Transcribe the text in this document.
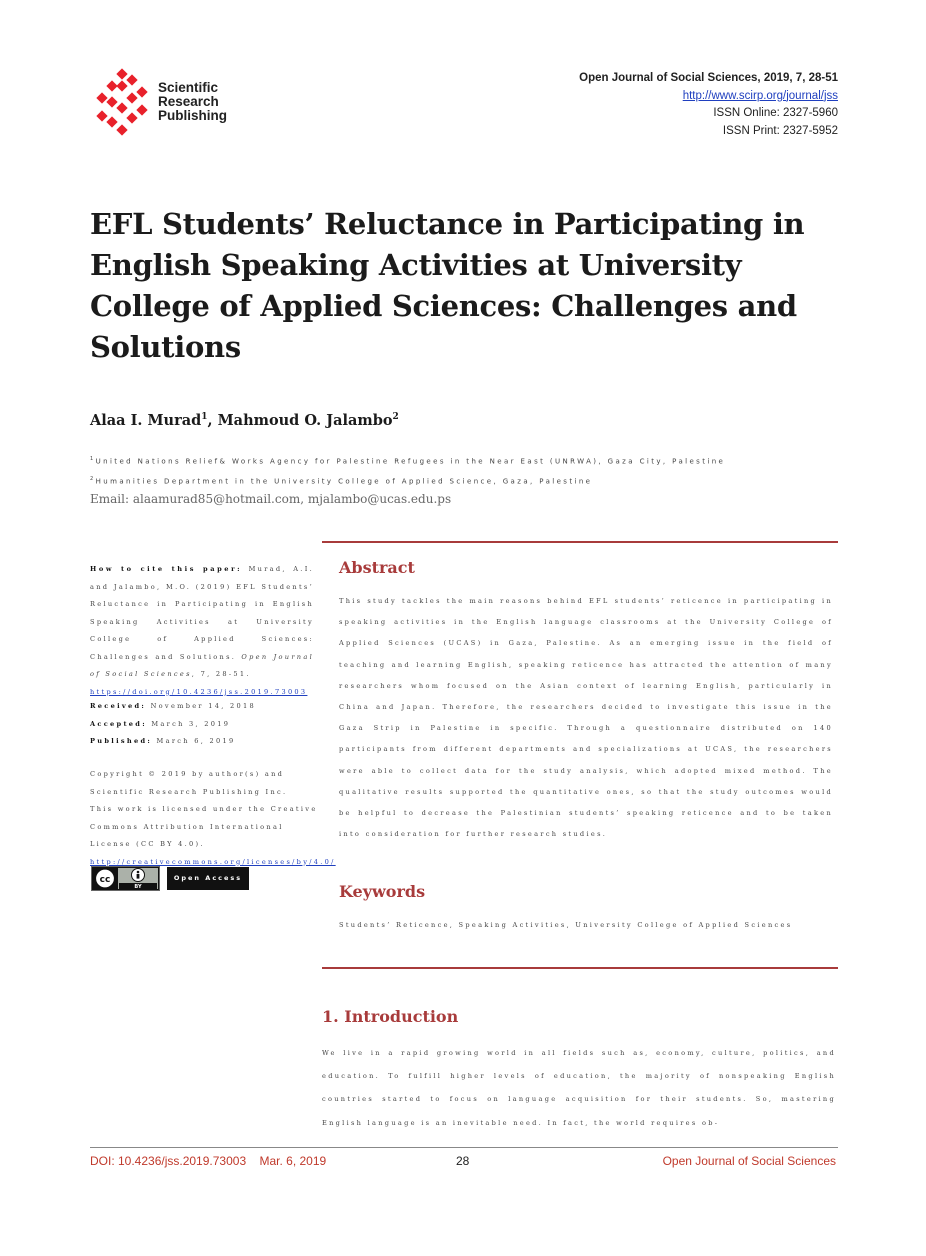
Scientific
Research
Publishing
Open Journal of Social Sciences, 2019, 7, 28-51
http://www.scirp.org/journal/jss
ISSN Online: 2327-5960
ISSN Print: 2327-5952
EFL Students’ Reluctance in Participating in English Speaking Activities at University College of Applied Sciences: Challenges and Solutions
Alaa I. Murad$^1$, Mahmoud O. Jalambo$^2$
$^1$United Nations Relief& Works Agency for Palestine Refugees in the Near East (UNRWA), Gaza City, Palestine
$^2$Humanities Department in the University College of Applied Science, Gaza, Palestine
Email: alaamurad85@hotmail.com, mjalambo@ucas.edu.ps
How to cite this paper: Murad, A.I. and Jalambo, M.O. (2019) EFL Students’ Reluctance in Participating in English Speaking Activities at University College of Applied Sciences: Challenges and Solutions. Open Journal of Social Sciences, 7, 28-51.
https://doi.org/10.4236/jss.2019.73003
Received: November 14, 2018
Accepted: March 3, 2019
Published: March 6, 2019
Copyright © 2019 by author(s) and Scientific Research Publishing Inc.
This work is licensed under the Creative Commons Attribution International License (CC BY 4.0).
http://creativecommons.org/licenses/by/4.0/
cc
BY
Open Access
Abstract
This study tackles the main reasons behind EFL students’ reticence in participating in speaking activities in the English language classrooms at the University College of Applied Sciences (UCAS) in Gaza, Palestine. As an emerging issue in the field of teaching and learning English, speaking reticence has attracted the attention of many researchers whom focused on the Asian context of learning English, particularly in China and Japan. Therefore, the researchers decided to investigate this issue in the Gaza Strip in Palestine in specific. Through a questionnaire distributed on 140 participants from different departments and specializations at UCAS, the researchers were able to collect data for the study analysis, which adopted mixed method. The qualitative results supported the quantitative ones, so that the study outcomes would be helpful to decrease the Palestinian students’ speaking reticence and to be taken into consideration for further research studies.
Keywords
Students’ Reticence, Speaking Activities, University College of Applied Sciences
1. Introduction
We live in a rapid growing world in all fields such as, economy, culture, politics, and education. To fulfill higher levels of education, the majority of nonspeaking English countries started to focus on language acquisition for their students. So, mastering English language is an inevitable need. In fact, the world requires ob-
DOI: 10.4236/jss.2019.73003 Mar. 6, 2019	28	Open Journal of Social Sciences
